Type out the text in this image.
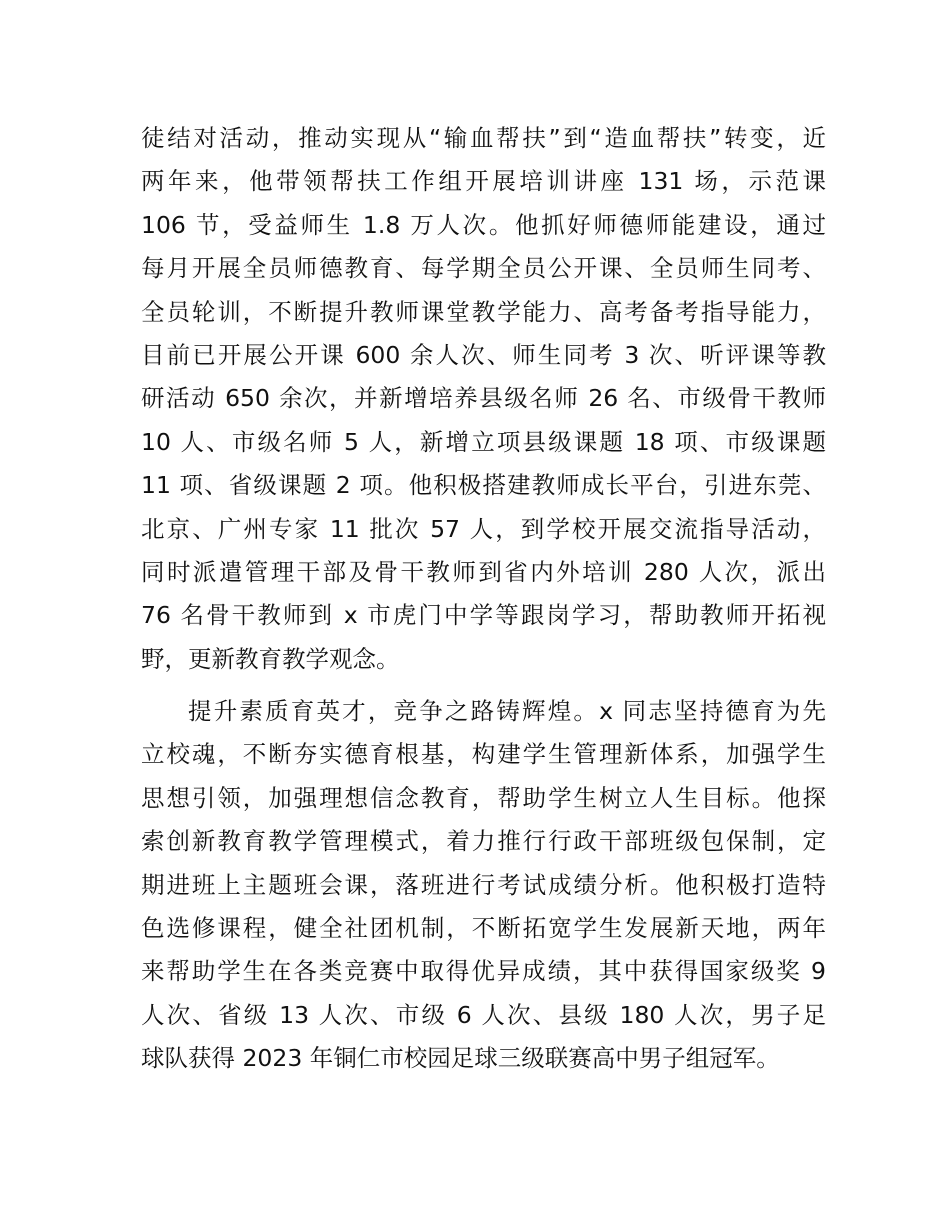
徒结对活动，推动实现从“输血帮扶”到“造血帮扶”转变，近
两年来，他带领帮扶工作组开展培训讲座 131 场，示范课
106 节，受益师生 1.8 万人次。他抓好师德师能建设，通过
每月开展全员师德教育、每学期全员公开课、全员师生同考、
全员轮训，不断提升教师课堂教学能力、高考备考指导能力，
目前已开展公开课 600 余人次、师生同考 3 次、听评课等教
研活动 650 余次，并新增培养县级名师 26 名、市级骨干教师
10 人、市级名师 5 人，新增立项县级课题 18 项、市级课题
11 项、省级课题 2 项。他积极搭建教师成长平台，引进东莞、
北京、广州专家 11 批次 57 人，到学校开展交流指导活动，
同时派遣管理干部及骨干教师到省内外培训 280 人次，派出
76 名骨干教师到 x 市虎门中学等跟岗学习，帮助教师开拓视
野，更新教育教学观念。
提升素质育英才，竞争之路铸辉煌。x 同志坚持德育为先
立校魂，不断夯实德育根基，构建学生管理新体系，加强学生
思想引领，加强理想信念教育，帮助学生树立人生目标。他探
索创新教育教学管理模式，着力推行行政干部班级包保制，定
期进班上主题班会课，落班进行考试成绩分析。他积极打造特
色选修课程，健全社团机制，不断拓宽学生发展新天地，两年
来帮助学生在各类竞赛中取得优异成绩，其中获得国家级奖 9
人次、省级 13 人次、市级 6 人次、县级 180 人次，男子足
球队获得 2023 年铜仁市校园足球三级联赛高中男子组冠军。
